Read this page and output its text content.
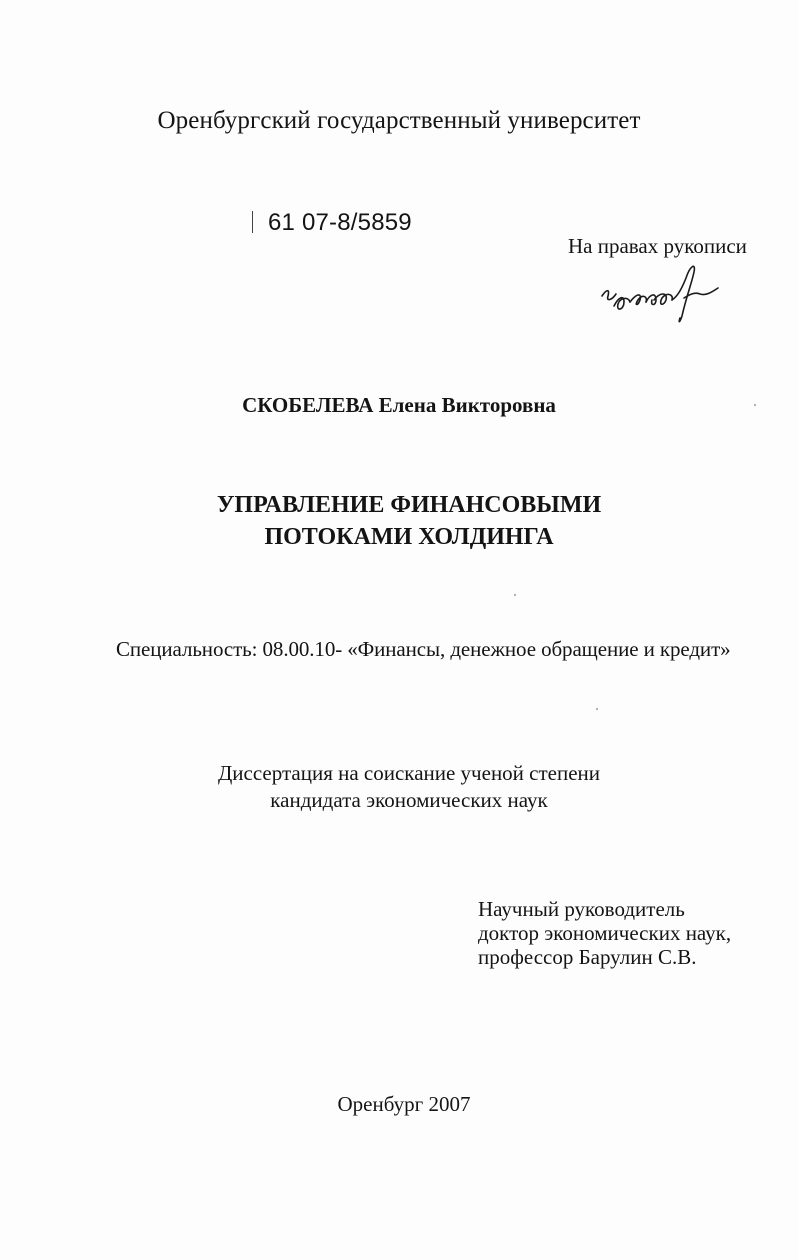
Оренбургский государственный университет
61 07-8/5859
На правах рукописи
СКОБЕЛЕВА Елена Викторовна
УПРАВЛЕНИЕ ФИНАНСОВЫМИ
ПОТОКАМИ ХОЛДИНГА
Специальность: 08.00.10- «Финансы, денежное обращение и кредит»
Диссертация на соискание ученой степени
кандидата экономических наук
Научный руководитель
доктор экономических наук,
профессор Барулин С.В.
Оренбург 2007
